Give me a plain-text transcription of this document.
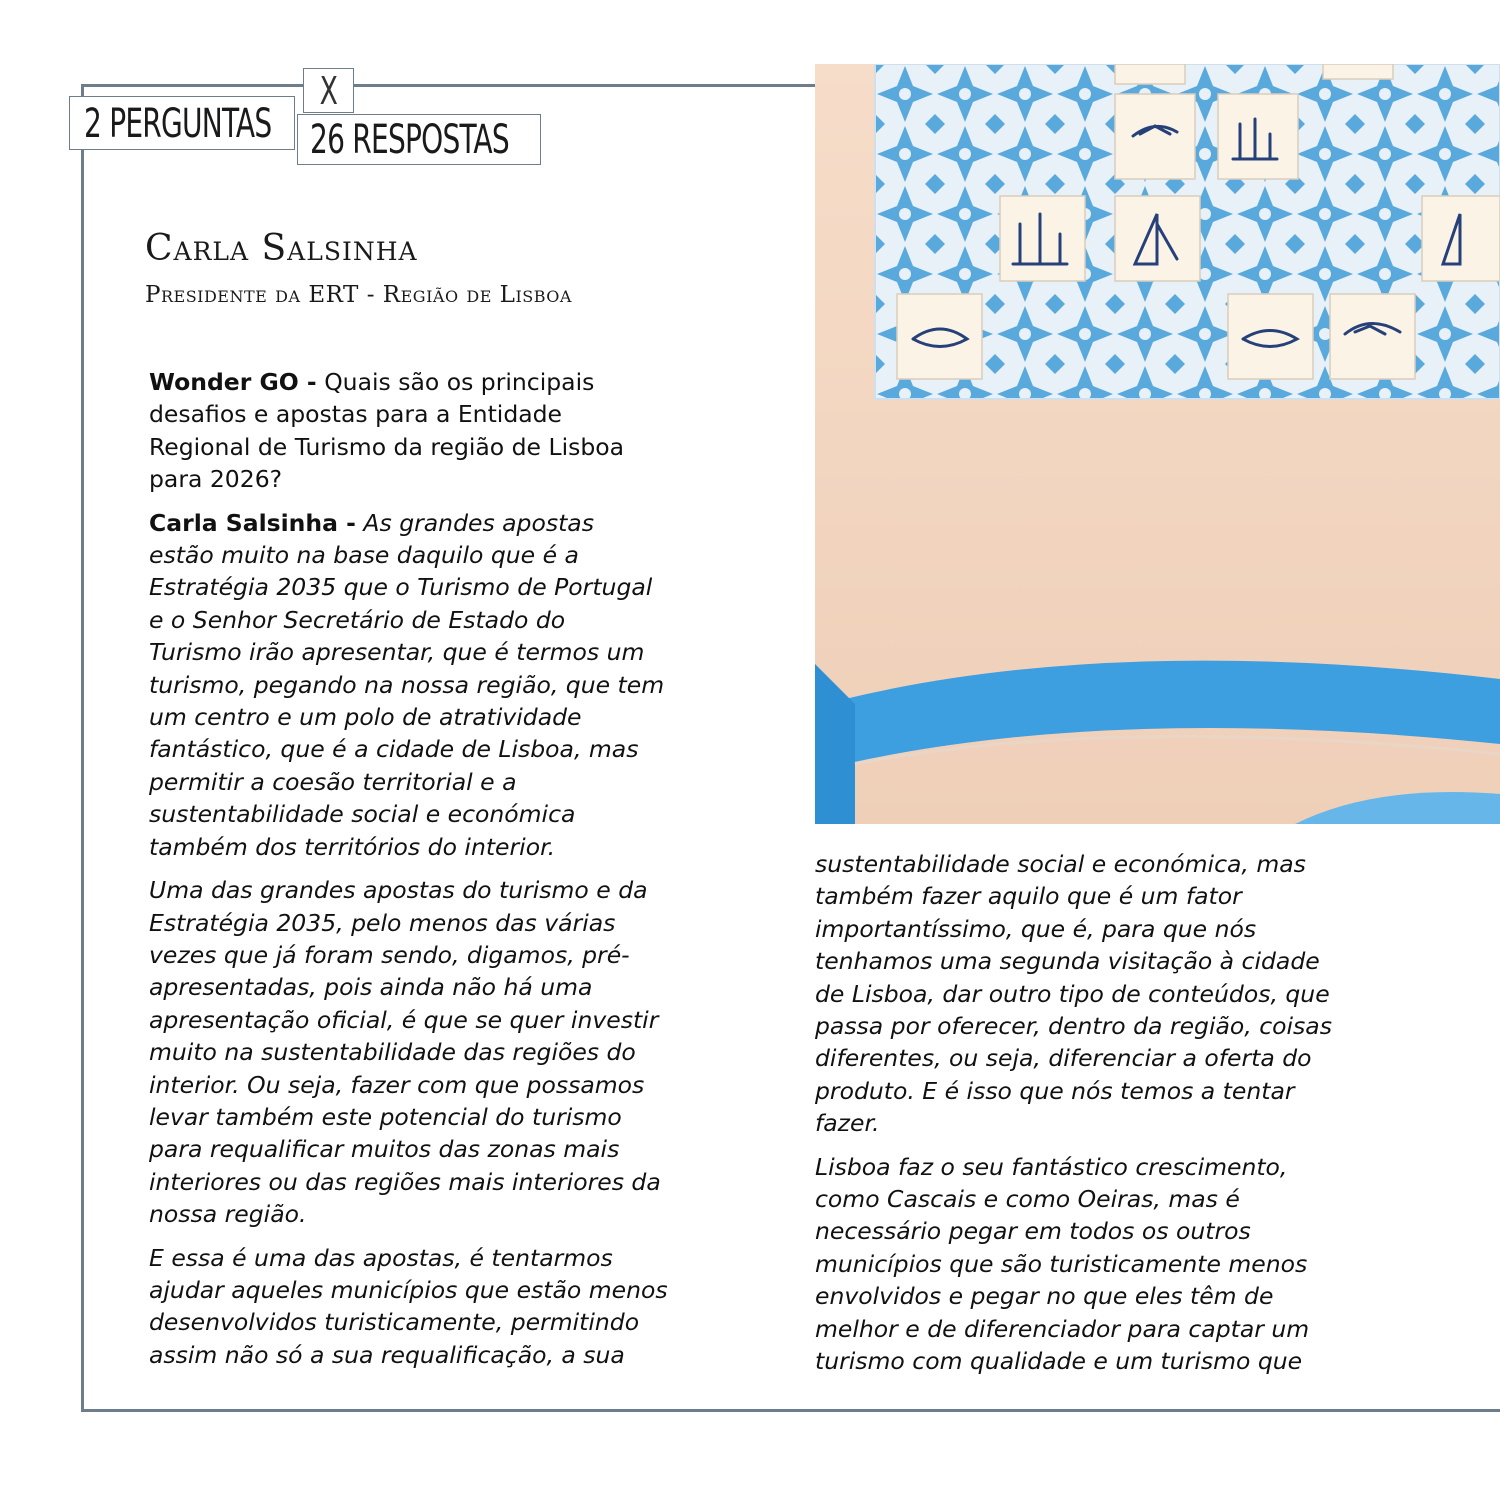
2 PERGUNTAS
X
26 RESPOSTAS
Carla Salsinha
Presidente da ERT - Região de Lisboa

Wonder GO - Quais são os principais
desafios e apostas para a Entidade
Regional de Turismo da região de Lisboa
para 2026?

Carla Salsinha - As grandes apostas
estão muito na base daquilo que é a
Estratégia 2035 que o Turismo de Portugal
e o Senhor Secretário de Estado do
Turismo irão apresentar, que é termos um
turismo, pegando na nossa região, que tem
um centro e um polo de atratividade
fantástico, que é a cidade de Lisboa, mas
permitir a coesão territorial e a
sustentabilidade social e económica
também dos territórios do interior.

Uma das grandes apostas do turismo e da
Estratégia 2035, pelo menos das várias
vezes que já foram sendo, digamos, pré-
apresentadas, pois ainda não há uma
apresentação oficial, é que se quer investir
muito na sustentabilidade das regiões do
interior. Ou seja, fazer com que possamos
levar também este potencial do turismo
para requalificar muitos das zonas mais
interiores ou das regiões mais interiores da
nossa região.

E essa é uma das apostas, é tentarmos
ajudar aqueles municípios que estão menos
desenvolvidos turisticamente, permitindo
assim não só a sua requalificação, a sua

sustentabilidade social e económica, mas
também fazer aquilo que é um fator
importantíssimo, que é, para que nós
tenhamos uma segunda visitação à cidade
de Lisboa, dar outro tipo de conteúdos, que
passa por oferecer, dentro da região, coisas
diferentes, ou seja, diferenciar a oferta do
produto. E é isso que nós temos a tentar
fazer.

Lisboa faz o seu fantástico crescimento,
como Cascais e como Oeiras, mas é
necessário pegar em todos os outros
municípios que são turisticamente menos
envolvidos e pegar no que eles têm de
melhor e de diferenciador para captar um
turismo com qualidade e um turismo que
